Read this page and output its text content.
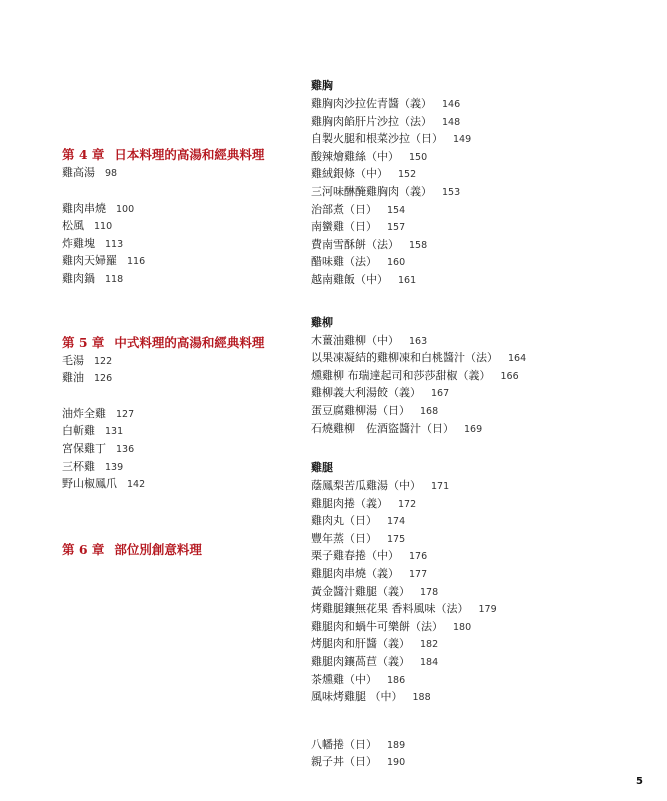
第 4 章 日本料理的高湯和經典料理
雞高湯 98
雞肉串燒 100
松風 110
炸雞塊 113
雞肉天婦羅 116
雞肉鍋 118
第 5 章 中式料理的高湯和經典料理
毛湯 122
雞油 126
油炸全雞 127
白斬雞 131
宮保雞丁 136
三杯雞 139
野山椒鳳爪 142
第 6 章 部位別創意料理
雞胸
雞胸肉沙拉佐青醬（義） 146
雞胸肉餡肝片沙拉（法） 148
自製火腿和根菜沙拉（日） 149
酸辣燴雞絲（中） 150
雞絨銀條（中） 152
三河味醂醃雞胸肉（義） 153
治部煮（日） 154
南蠻雞（日） 157
費南雪酥餅（法） 158
醋味雞（法） 160
越南雞飯（中） 161
雞柳
木薑油雞柳（中） 163
以果凍凝結的雞柳凍和白桃醬汁（法） 164
燻雞柳 布瑞達起司和莎莎甜椒（義） 166
雞柳義大利湯餃（義） 167
蛋豆腐雞柳湯（日） 168
石燒雞柳　佐酒盜醬汁（日） 169
雞腿
蔭鳳梨苦瓜雞湯（中） 171
雞腿肉捲（義） 172
雞肉丸（日） 174
豐年蒸（日） 175
栗子雞春捲（中） 176
雞腿肉串燒（義） 177
黃金醬汁雞腿（義） 178
烤雞腿鑲無花果 香料風味（法） 179
雞腿肉和蝸牛可樂餅（法） 180
烤腿肉和肝醬（義） 182
雞腿肉鑲萵苣（義） 184
茶燻雞（中） 186
風味烤雞腿 （中） 188
八幡捲（日） 189
親子丼（日） 190
5
